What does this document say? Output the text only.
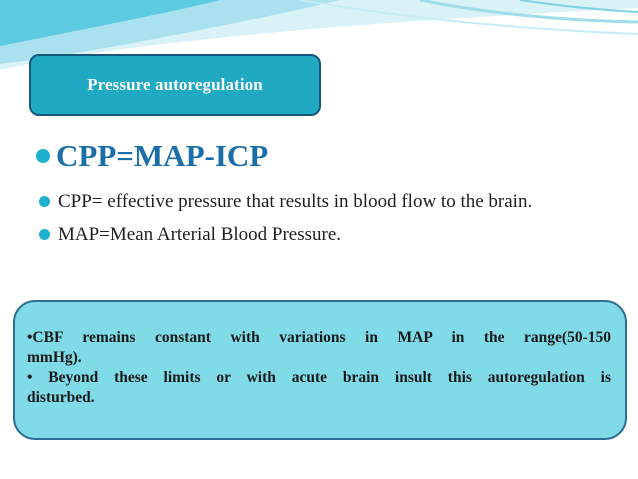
Pressure autoregulation
CPP=MAP-ICP
CPP= effective pressure that results in blood flow to the brain.
MAP=Mean Arterial Blood Pressure.
•CBF remains constant with variations in MAP in the range(50-150
mmHg).
• Beyond these limits or with acute brain insult this autoregulation is
disturbed.
